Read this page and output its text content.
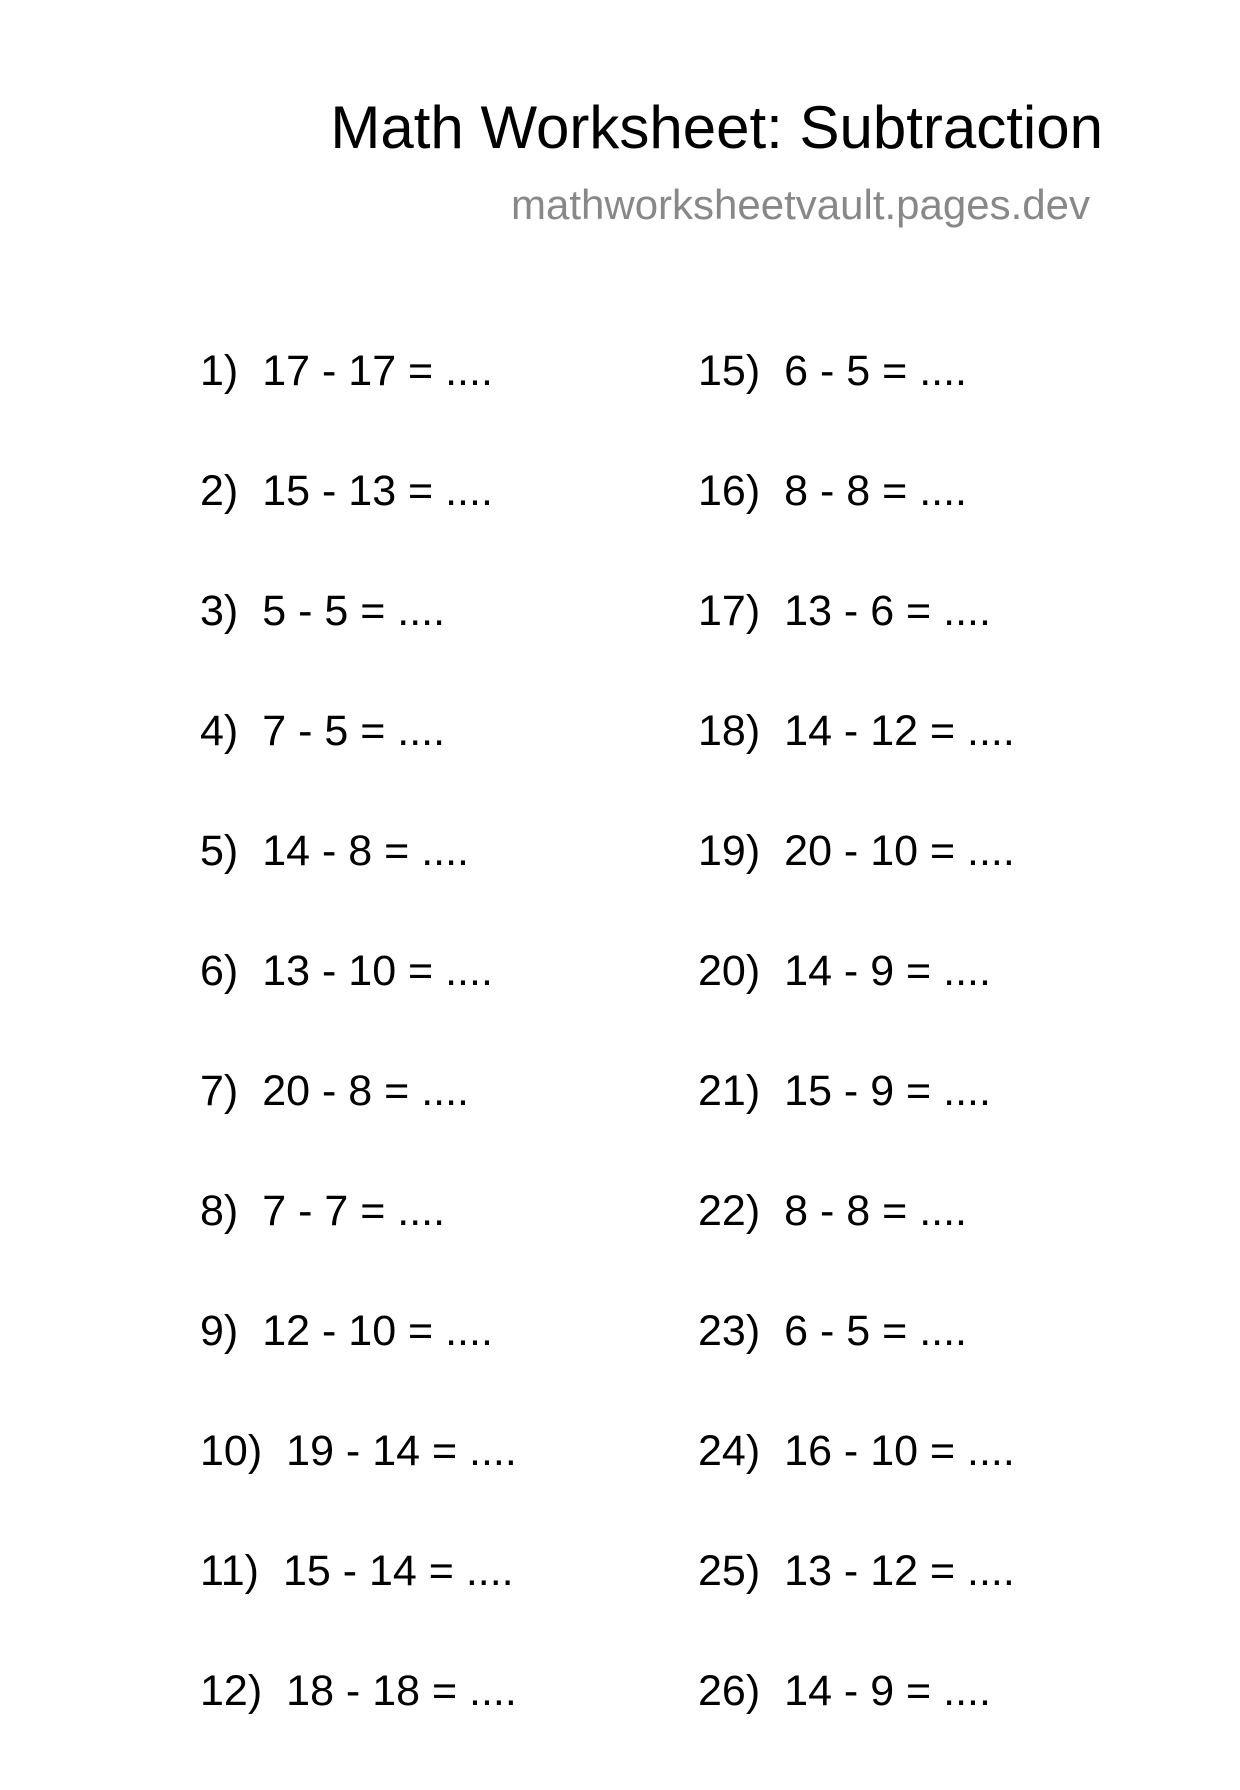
Math Worksheet: Subtraction
mathworksheetvault.pages.dev
1) 17 - 17 = ....
2) 15 - 13 = ....
3) 5 - 5 = ....
4) 7 - 5 = ....
5) 14 - 8 = ....
6) 13 - 10 = ....
7) 20 - 8 = ....
8) 7 - 7 = ....
9) 12 - 10 = ....
10) 19 - 14 = ....
11) 15 - 14 = ....
12) 18 - 18 = ....
15) 6 - 5 = ....
16) 8 - 8 = ....
17) 13 - 6 = ....
18) 14 - 12 = ....
19) 20 - 10 = ....
20) 14 - 9 = ....
21) 15 - 9 = ....
22) 8 - 8 = ....
23) 6 - 5 = ....
24) 16 - 10 = ....
25) 13 - 12 = ....
26) 14 - 9 = ....
